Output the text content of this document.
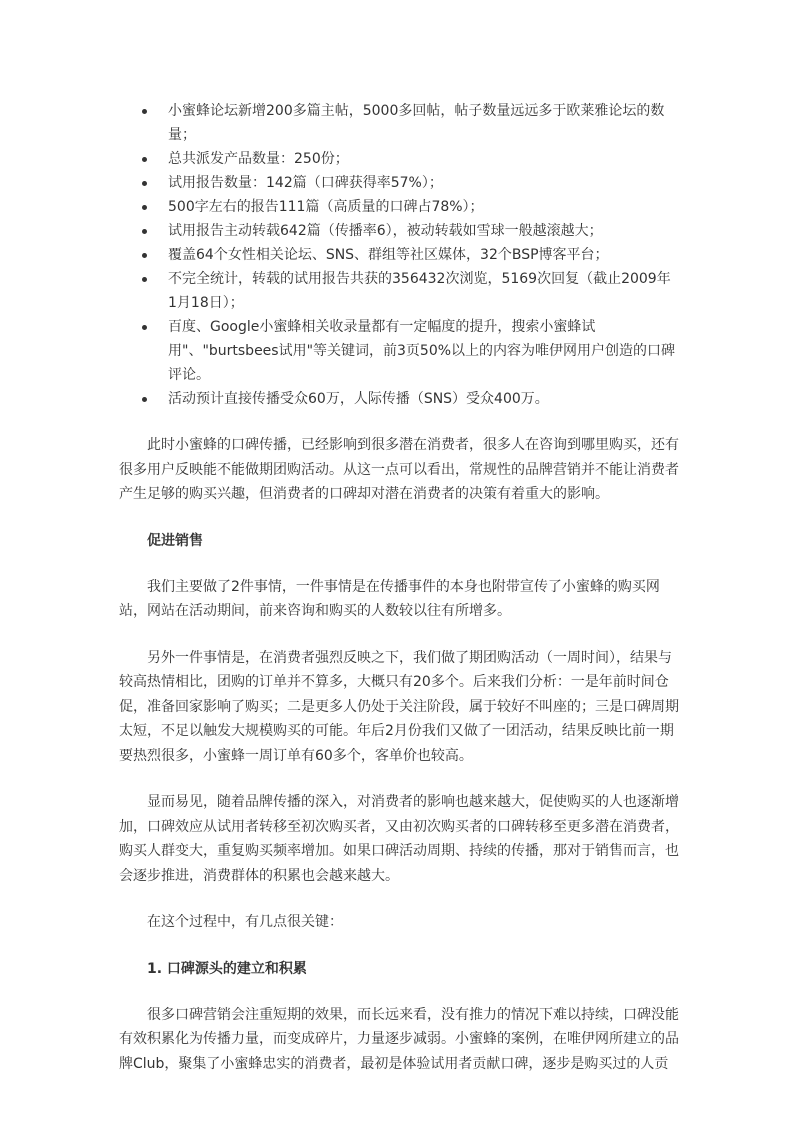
小蜜蜂论坛新增200多篇主帖，5000多回帖，帖子数量远远多于欧莱雅论坛的数量；
总共派发产品数量：250份；
试用报告数量：142篇（口碑获得率57%）；
500字左右的报告111篇（高质量的口碑占78%）；
试用报告主动转载642篇（传播率6），被动转载如雪球一般越滚越大；
覆盖64个女性相关论坛、SNS、群组等社区媒体，32个BSP博客平台；
不完全统计，转载的试用报告共获的356432次浏览，5169次回复（截止2009年1月18日）；
百度、Google小蜜蜂相关收录量都有一定幅度的提升，搜索小蜜蜂试用"、"burtsbees试用"等关键词，前3页50%以上的内容为唯伊网用户创造的口碑评论。
活动预计直接传播受众60万，人际传播（SNS）受众400万。

此时小蜜蜂的口碑传播，已经影响到很多潜在消费者，很多人在咨询到哪里购买，还有很多用户反映能不能做期团购活动。从这一点可以看出，常规性的品牌营销并不能让消费者产生足够的购买兴趣，但消费者的口碑却对潜在消费者的决策有着重大的影响。

促进销售

我们主要做了2件事情，一件事情是在传播事件的本身也附带宣传了小蜜蜂的购买网站，网站在活动期间，前来咨询和购买的人数较以往有所增多。

另外一件事情是，在消费者强烈反映之下，我们做了期团购活动（一周时间），结果与较高热情相比，团购的订单并不算多，大概只有20多个。后来我们分析：一是年前时间仓促，准备回家影响了购买；二是更多人仍处于关注阶段，属于较好不叫座的；三是口碑周期太短，不足以触发大规模购买的可能。年后2月份我们又做了一团活动，结果反映比前一期要热烈很多，小蜜蜂一周订单有60多个，客单价也较高。

显而易见，随着品牌传播的深入，对消费者的影响也越来越大，促使购买的人也逐渐增加，口碑效应从试用者转移至初次购买者，又由初次购买者的口碑转移至更多潜在消费者，购买人群变大，重复购买频率增加。如果口碑活动周期、持续的传播，那对于销售而言，也会逐步推进，消费群体的积累也会越来越大。

在这个过程中，有几点很关键：

1. 口碑源头的建立和积累

很多口碑营销会注重短期的效果，而长远来看，没有推力的情况下难以持续，口碑没能有效积累化为传播力量，而变成碎片，力量逐步减弱。小蜜蜂的案例，在唯伊网所建立的品牌Club，聚集了小蜜蜂忠实的消费者，最初是体验试用者贡献口碑，逐步是购买过的人贡
